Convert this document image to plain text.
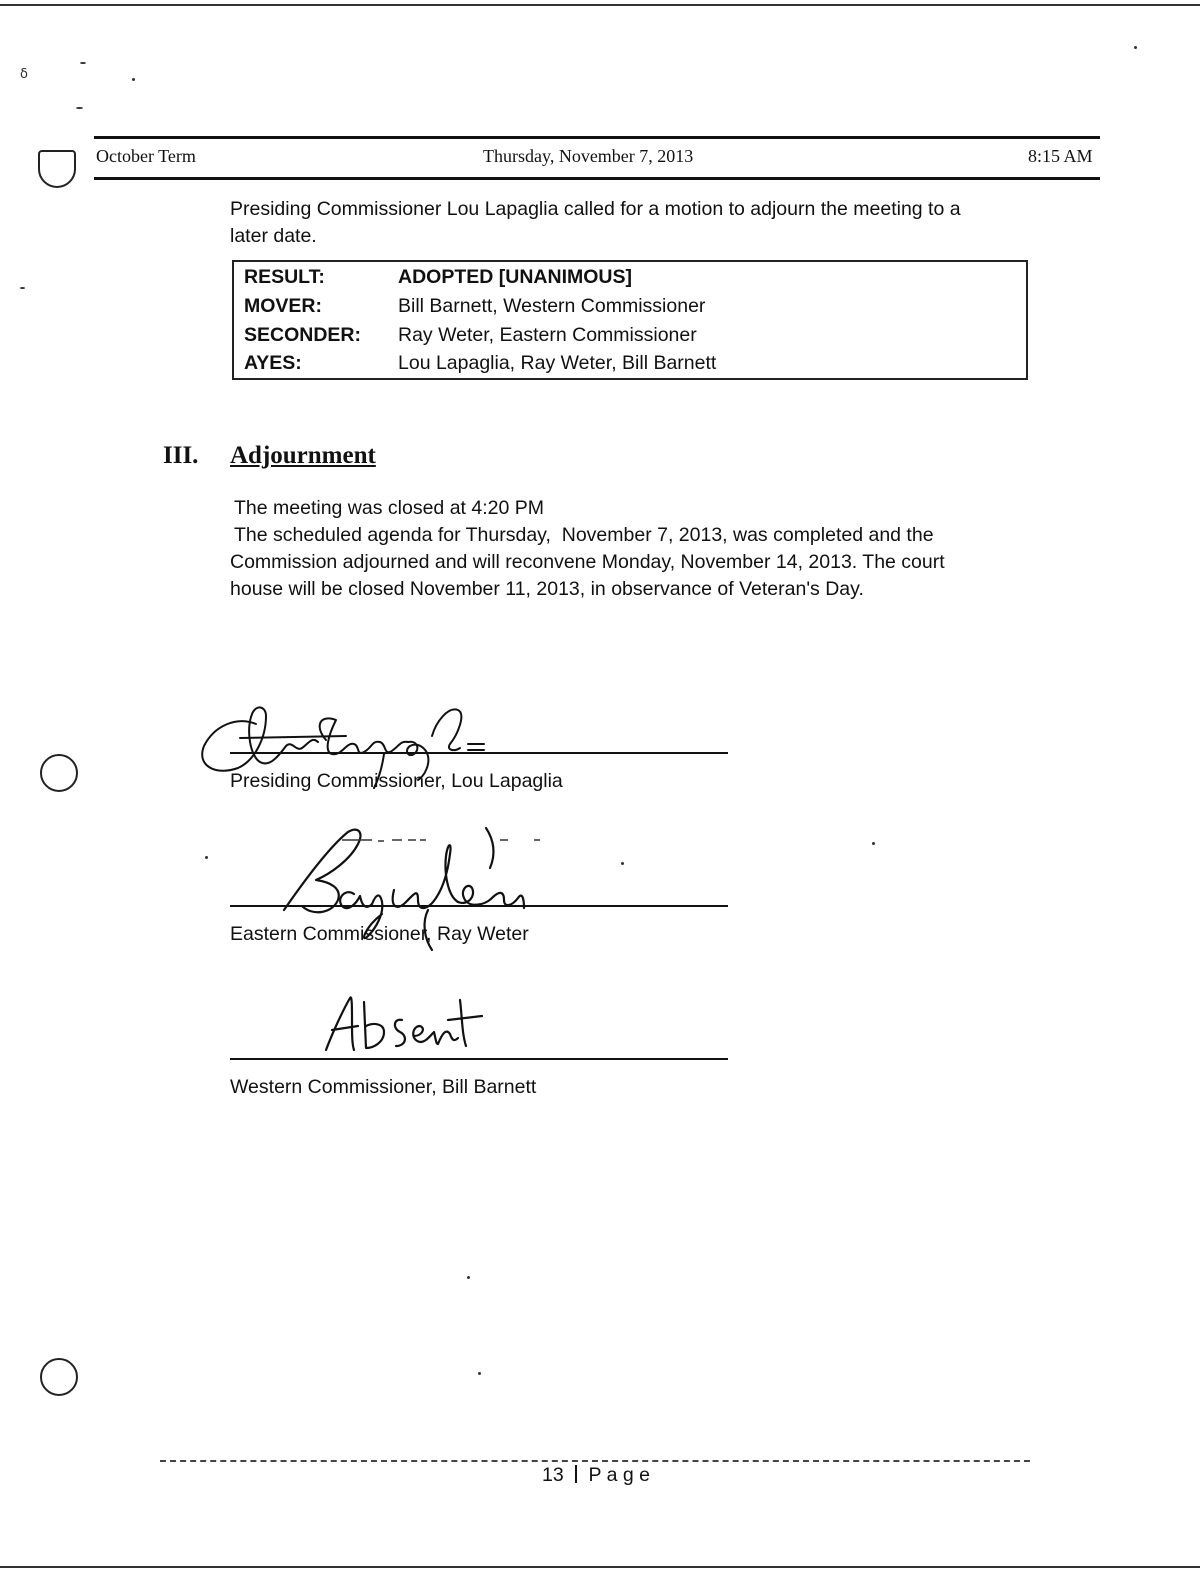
ẟ
October Term	Thursday, November 7, 2013	8:15 AM
Presiding Commissioner Lou Lapaglia called for a motion to adjourn the meeting to a
later date.
RESULT:	ADOPTED [UNANIMOUS]
MOVER:	Bill Barnett, Western Commissioner
SECONDER: Ray Weter, Eastern Commissioner
AYES:	Lou Lapaglia, Ray Weter, Bill Barnett
III. Adjournment
The meeting was closed at 4:20 PM
The scheduled agenda for Thursday,  November 7, 2013, was completed and the
Commission adjourned and will reconvene Monday, November 14, 2013. The court
house will be closed November 11, 2013, in observance of Veteran's Day.
Presiding Commissioner, Lou Lapaglia
Eastern Commissioner, Ray Weter
Western Commissioner, Bill Barnett
13 P a g e
